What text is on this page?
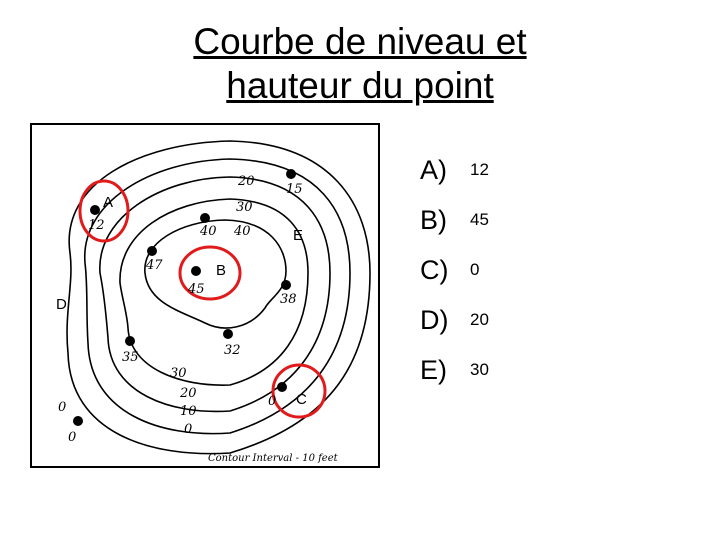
Courbe de niveau et
hauteur du point
A
B
C
D
E
20
15
12
30
40 40
47
45
38
32
35
30
20
10
0
0
0
0
Contour Interval - 10 feet
A) 12
B) 45
C) 0
D) 20
E) 30
